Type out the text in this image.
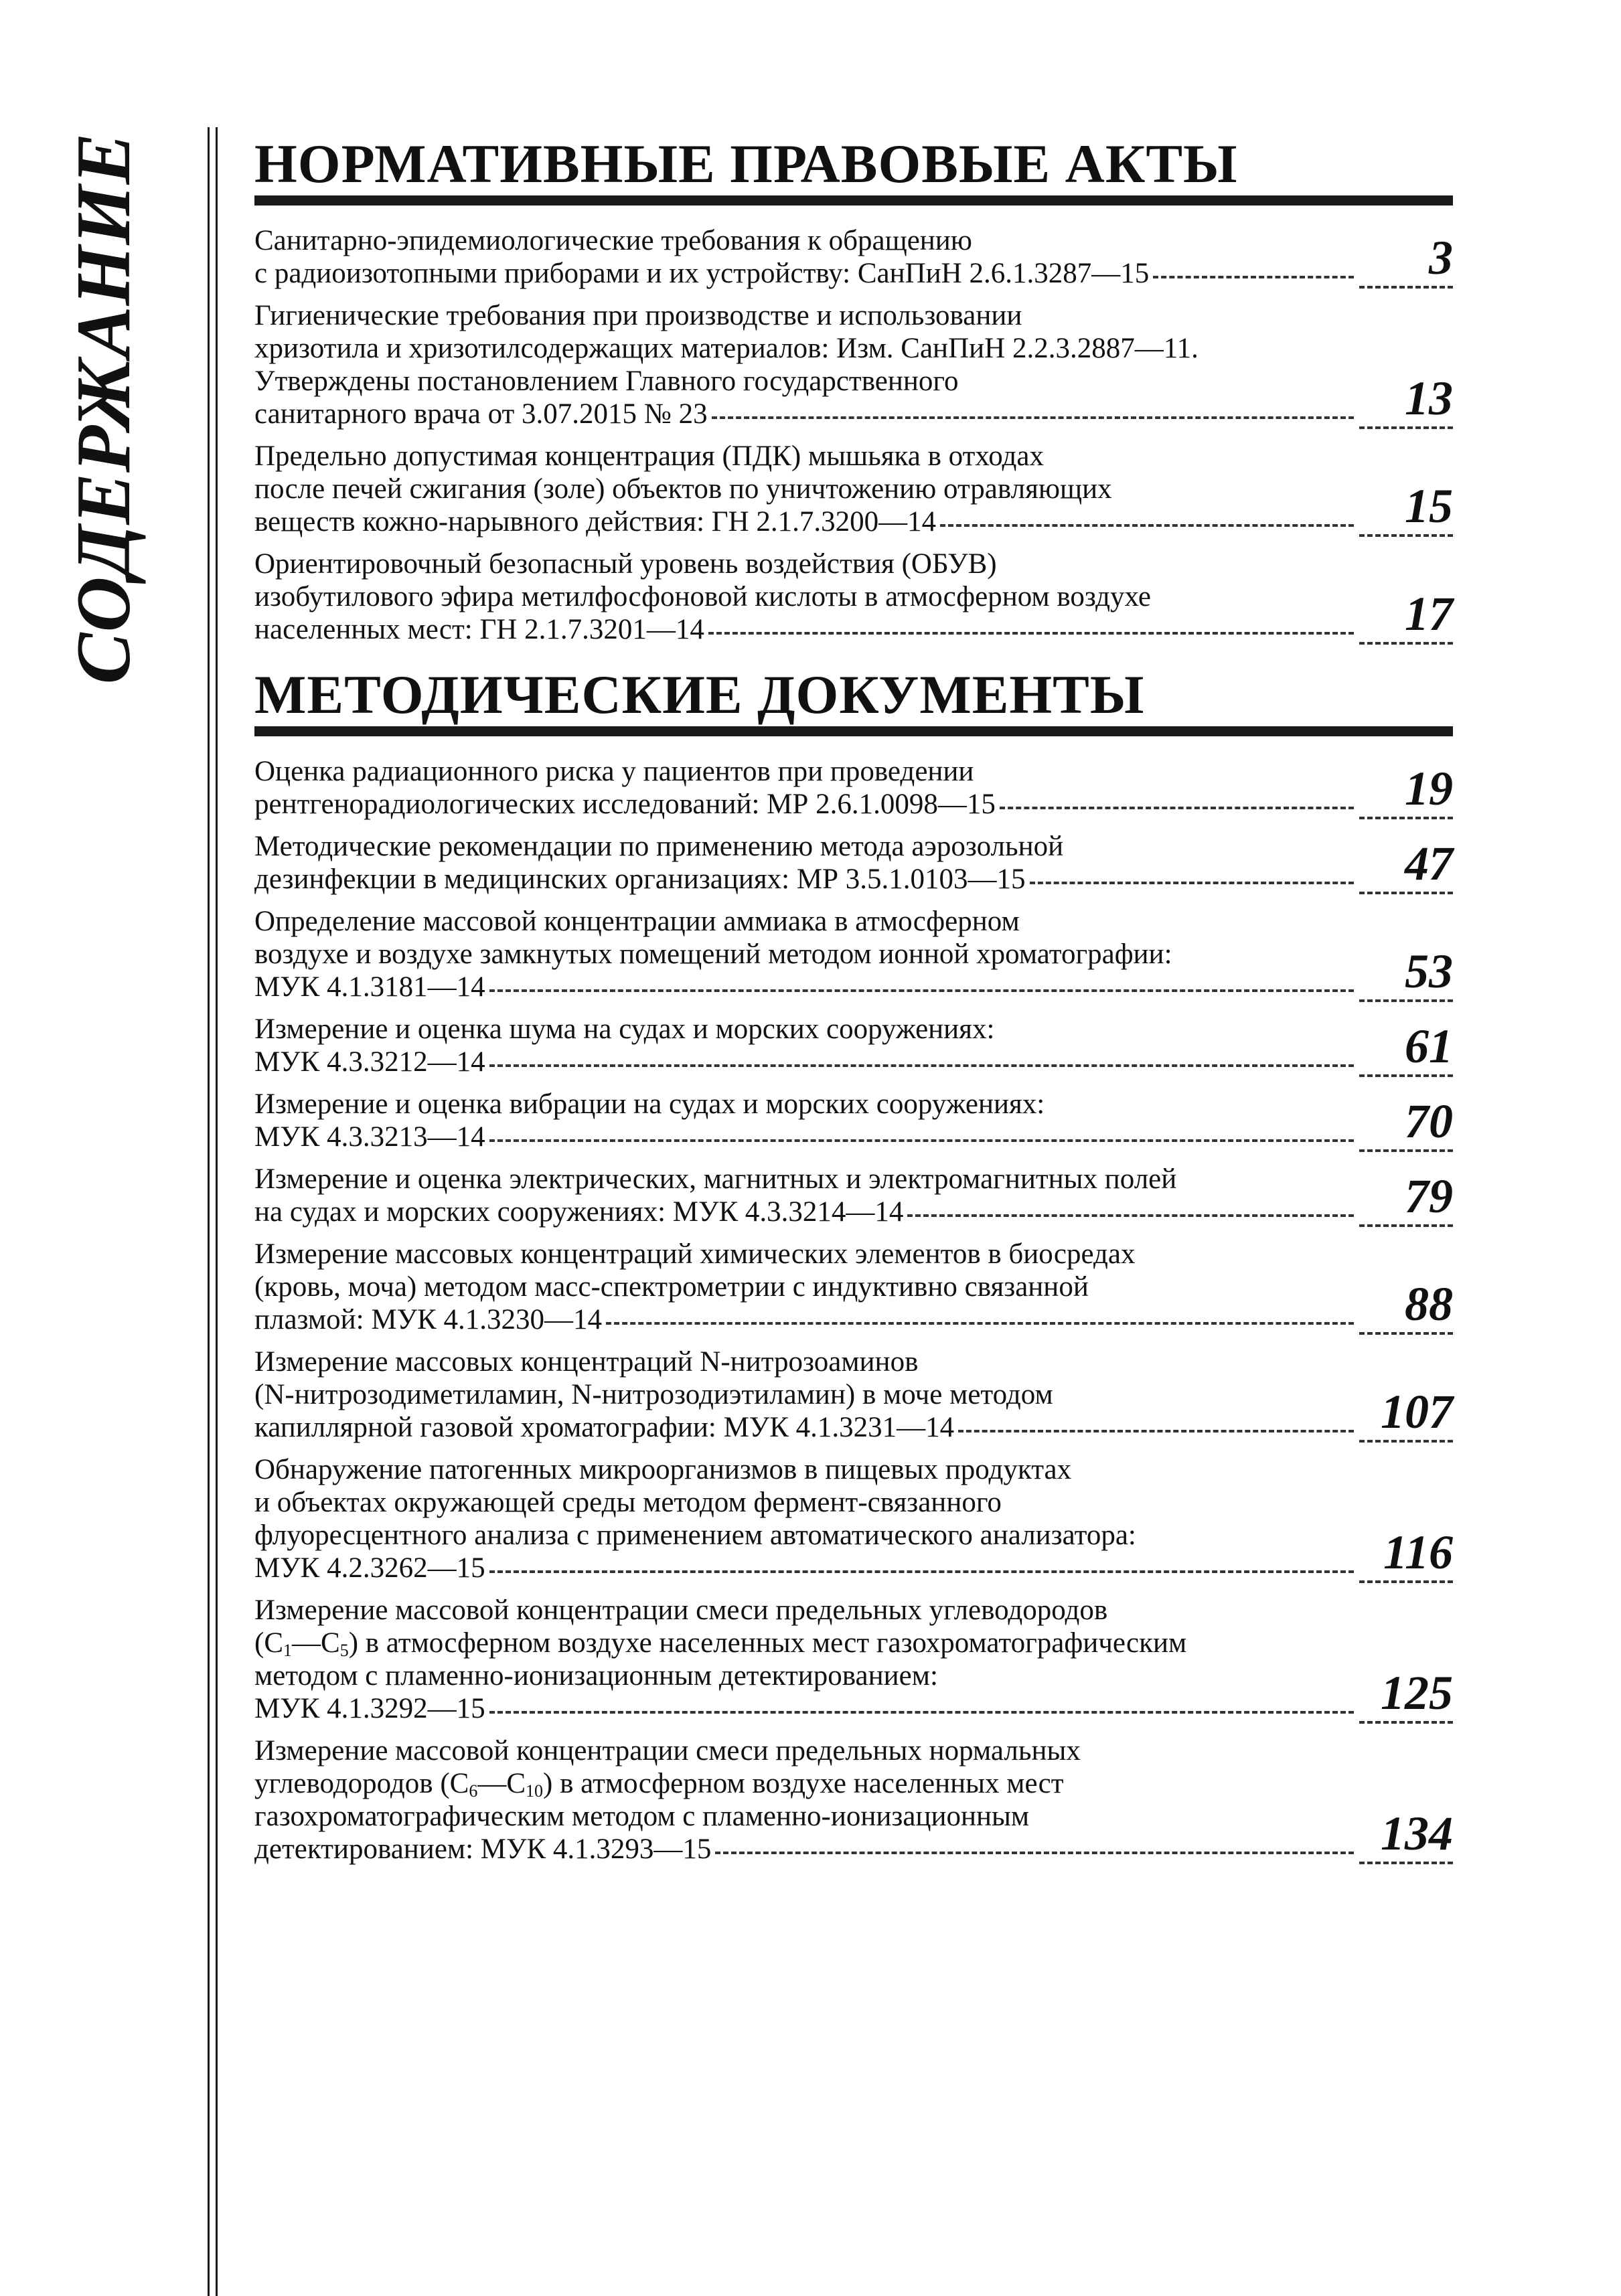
СОДЕРЖАНИЕ НОРМАТИВНЫЕ ПРАВОВЫЕ АКТЫ
Санитарно-эпидемиологические требования к обращению
с радиоизотопными приборами и их устройству: СанПиН 2.6.1.3287—15	3
Гигиенические требования при производстве и использовании
хризотила и хризотилсодержащих материалов: Изм. СанПиН 2.2.3.2887—11.
Утверждены постановлением Главного государственного
санитарного врача от 3.07.2015 № 23	13
Предельно допустимая концентрация (ПДК) мышьяка в отходах
после печей сжигания (золе) объектов по уничтожению отравляющих
веществ кожно-нарывного действия: ГН 2.1.7.3200—14	15
Ориентировочный безопасный уровень воздействия (ОБУВ)
изобутилового эфира метилфосфоновой кислоты в атмосферном воздухе
населенных мест: ГН 2.1.7.3201—14	17
МЕТОДИЧЕСКИЕ ДОКУМЕНТЫ
Оценка радиационного риска у пациентов при проведении
рентгенорадиологических исследований: МР 2.6.1.0098—15	19
Методические рекомендации по применению метода аэрозольной
дезинфекции в медицинских организациях: МР 3.5.1.0103—15	47
Определение массовой концентрации аммиака в атмосферном
воздухе и воздухе замкнутых помещений методом ионной хроматографии:
МУК 4.1.3181—14	53
Измерение и оценка шума на судах и морских сооружениях:
МУК 4.3.3212—14	61
Измерение и оценка вибрации на судах и морских сооружениях:
МУК 4.3.3213—14	70
Измерение и оценка электрических, магнитных и электромагнитных полей
на судах и морских сооружениях: МУК 4.3.3214—14	79
Измерение массовых концентраций химических элементов в биосредах
(кровь, моча) методом масс-спектрометрии с индуктивно связанной
плазмой: МУК 4.1.3230—14	88
Измерение массовых концентраций N-нитрозоаминов
(N-нитрозодиметиламин, N-нитрозодиэтиламин) в моче методом
капиллярной газовой хроматографии: МУК 4.1.3231—14	107
Обнаружение патогенных микроорганизмов в пищевых продуктах
и объектах окружающей среды методом фермент-связанного
флуоресцентного анализа с применением автоматического анализатора:
МУК 4.2.3262—15	116
Измерение массовой концентрации смеси предельных углеводородов
$(C_1—C_5)$ в атмосферном воздухе населенных мест газохроматографическим
методом с пламенно-ионизационным детектированием:
МУК 4.1.3292—15	125
Измерение массовой концентрации смеси предельных нормальных
углеводородов $(C_6—C_{10})$ в атмосферном воздухе населенных мест
газохроматографическим методом с пламенно-ионизационным
детектированием: МУК 4.1.3293—15	134
